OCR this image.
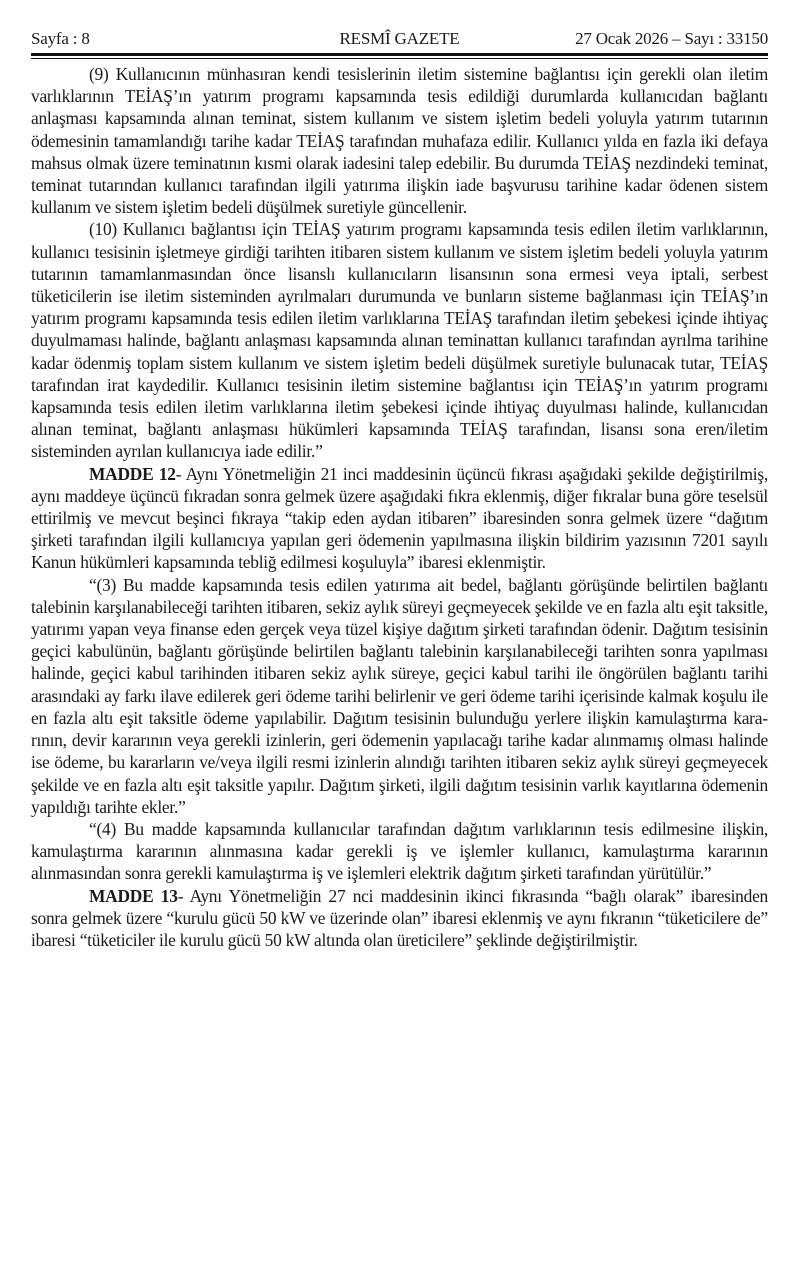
Sayfa : 8	RESMÎ GAZETE	27 Ocak 2026 – Sayı : 33150

(9) Kullanıcının münhasıran kendi tesislerinin iletim sistemine bağlantısı için gerekli olan iletim varlıklarının TEİAŞ’ın yatırım programı kapsamında tesis edildiği durumlarda kullanıcıdan bağlantı anlaşması kapsamında alınan teminat, sistem kullanım ve sistem işletim bedeli yoluyla yatırım tutarının ödemesinin tamamlandığı tarihe kadar TEİAŞ tarafından muhafaza edilir. Kullanıcı yılda en fazla iki defaya mahsus olmak üzere teminatının kısmi olarak iadesini talep edebilir. Bu durumda TEİAŞ nezdindeki teminat, teminat tutarından kullanıcı tarafından ilgili yatırıma ilişkin iade başvurusu tarihine kadar ödenen sistem kullanım ve sistem işletim bedeli düşülmek suretiyle güncellenir.

(10) Kullanıcı bağlantısı için TEİAŞ yatırım programı kapsamında tesis edilen iletim varlıklarının, kullanıcı tesisinin işletmeye girdiği tarihten itibaren sistem kullanım ve sistem işletim bedeli yoluyla yatırım tutarının tamamlanmasından önce lisanslı kullanıcıların lisansının sona ermesi veya iptali, serbest tüketicilerin ise iletim sisteminden ayrılmaları durumunda ve bunların sisteme bağlanması için TEİAŞ’ın yatırım programı kapsamında tesis edilen iletim varlıklarına TEİAŞ tarafından iletim şebekesi içinde ihtiyaç duyulmaması halinde, bağlantı anlaşması kapsamında alınan teminattan kullanıcı tarafından ayrılma tarihine kadar ödenmiş toplam sistem kullanım ve sistem işletim bedeli düşülmek suretiyle bulunacak tutar, TEİAŞ tarafından irat kaydedilir. Kullanıcı tesisinin iletim sistemine bağlantısı için TEİAŞ’ın yatırım programı kapsamında tesis edilen iletim varlıklarına iletim şebekesi içinde ihtiyaç duyulması halinde, kullanıcıdan alınan teminat, bağlantı anlaşması hükümleri kapsamında TEİAŞ tarafından, lisansı sona eren/iletim sisteminden ayrılan kullanıcıya iade edilir.”

MADDE 12- Aynı Yönetmeliğin 21 inci maddesinin üçüncü fıkrası aşağıdaki şekilde değiştirilmiş, aynı maddeye üçüncü fıkradan sonra gelmek üzere aşağıdaki fıkra eklenmiş, diğer fıkralar buna göre teselsül ettirilmiş ve mevcut beşinci fıkraya “takip eden aydan itibaren” ibaresinden sonra gelmek üzere “dağıtım şirketi tarafından ilgili kullanıcıya yapılan geri ödemenin yapılmasına ilişkin bildirim yazısının 7201 sayılı Kanun hükümleri kapsamında tebliğ edilmesi koşuluyla” ibaresi eklenmiştir.

“(3) Bu madde kapsamında tesis edilen yatırıma ait bedel, bağlantı görüşünde belirtilen bağlantı talebinin karşılanabileceği tarihten itibaren, sekiz aylık süreyi geçmeyecek şekilde ve en fazla altı eşit taksitle, yatırımı yapan veya finanse eden gerçek veya tüzel kişiye dağıtım şirketi tarafından ödenir. Dağıtım tesisinin geçici kabulünün, bağlantı görüşünde belirtilen bağlantı talebinin karşılanabileceği tarihten sonra yapılması halinde, geçici kabul tarihinden itibaren sekiz aylık süreye, geçici kabul tarihi ile öngörülen bağlantı tarihi arasındaki ay farkı ilave edilerek geri ödeme tarihi belirlenir ve geri ödeme tarihi içerisinde kalmak koşulu ile en fazla altı eşit taksitle ödeme yapılabilir. Dağıtım tesisinin bulunduğu yerlere ilişkin kamulaştırma kararının, devir kararının veya gerekli izinlerin, geri ödemenin yapılacağı tarihe kadar alınmamış olması halinde ise ödeme, bu kararların ve/veya ilgili resmi izinlerin alındığı tarihten itibaren sekiz aylık süreyi geçmeyecek şekilde ve en fazla altı eşit taksitle yapılır. Dağıtım şirketi, ilgili dağıtım tesisinin varlık kayıtlarına ödemenin yapıldığı tarihte ekler.”

“(4) Bu madde kapsamında kullanıcılar tarafından dağıtım varlıklarının tesis edilmesine ilişkin, kamulaştırma kararının alınmasına kadar gerekli iş ve işlemler kullanıcı, kamulaştırma kararının alınmasından sonra gerekli kamulaştırma iş ve işlemleri elektrik dağıtım şirketi tarafından yürütülür.”

MADDE 13- Aynı Yönetmeliğin 27 nci maddesinin ikinci fıkrasında “bağlı olarak” ibaresinden sonra gelmek üzere “kurulu gücü 50 kW ve üzerinde olan” ibaresi eklenmiş ve aynı fıkranın “tüketicilere de” ibaresi “tüketiciler ile kurulu gücü 50 kW altında olan üreticilere” şeklinde değiştirilmiştir.
